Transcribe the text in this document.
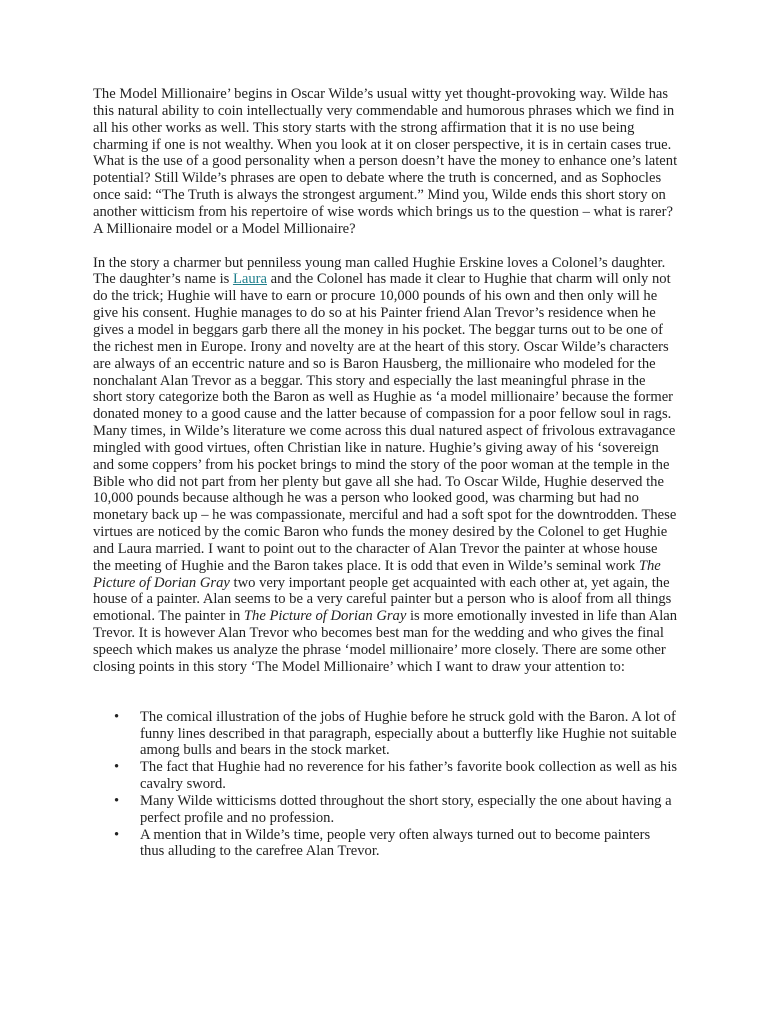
The Model Millionaire’ begins in Oscar Wilde’s usual witty yet thought-provoking way. Wilde has this natural ability to coin intellectually very commendable and humorous phrases which we find in all his other works as well. This story starts with the strong affirmation that it is no use being charming if one is not wealthy. When you look at it on closer perspective, it is in certain cases true. What is the use of a good personality when a person doesn’t have the money to enhance one’s latent potential? Still Wilde’s phrases are open to debate where the truth is concerned, and as Sophocles once said: “The Truth is always the strongest argument.” Mind you, Wilde ends this short story on another witticism from his repertoire of wise words which brings us to the question – what is rarer? A Millionaire model or a Model Millionaire?

In the story a charmer but penniless young man called Hughie Erskine loves a Colonel’s daughter. The daughter’s name is Laura and the Colonel has made it clear to Hughie that charm will only not do the trick; Hughie will have to earn or procure 10,000 pounds of his own and then only will he give his consent. Hughie manages to do so at his Painter friend Alan Trevor’s residence when he gives a model in beggars garb there all the money in his pocket. The beggar turns out to be one of the richest men in Europe. Irony and novelty are at the heart of this story. Oscar Wilde’s characters are always of an eccentric nature and so is Baron Hausberg, the millionaire who modeled for the nonchalant Alan Trevor as a beggar. This story and especially the last meaningful phrase in the short story categorize both the Baron as well as Hughie as ‘a model millionaire’ because the former donated money to a good cause and the latter because of compassion for a poor fellow soul in rags. Many times, in Wilde’s literature we come across this dual natured aspect of frivolous extravagance mingled with good virtues, often Christian like in nature. Hughie’s giving away of his ‘sovereign and some coppers’ from his pocket brings to mind the story of the poor woman at the temple in the Bible who did not part from her plenty but gave all she had. To Oscar Wilde, Hughie deserved the 10,000 pounds because although he was a person who looked good, was charming but had no monetary back up – he was compassionate, merciful and had a soft spot for the downtrodden. These virtues are noticed by the comic Baron who funds the money desired by the Colonel to get Hughie and Laura married. I want to point out to the character of Alan Trevor the painter at whose house the meeting of Hughie and the Baron takes place. It is odd that even in Wilde’s seminal work The Picture of Dorian Gray two very important people get acquainted with each other at, yet again, the house of a painter. Alan seems to be a very careful painter but a person who is aloof from all things emotional. The painter in The Picture of Dorian Gray is more emotionally invested in life than Alan Trevor. It is however Alan Trevor who becomes best man for the wedding and who gives the final speech which makes us analyze the phrase ‘model millionaire’ more closely. There are some other closing points in this story ‘The Model Millionaire’ which I want to draw your attention to:

• The comical illustration of the jobs of Hughie before he struck gold with the Baron. A lot of funny lines described in that paragraph, especially about a butterfly like Hughie not suitable among bulls and bears in the stock market.
• The fact that Hughie had no reverence for his father’s favorite book collection as well as his cavalry sword.
• Many Wilde witticisms dotted throughout the short story, especially the one about having a perfect profile and no profession.
• A mention that in Wilde’s time, people very often always turned out to become painters thus alluding to the carefree Alan Trevor.
